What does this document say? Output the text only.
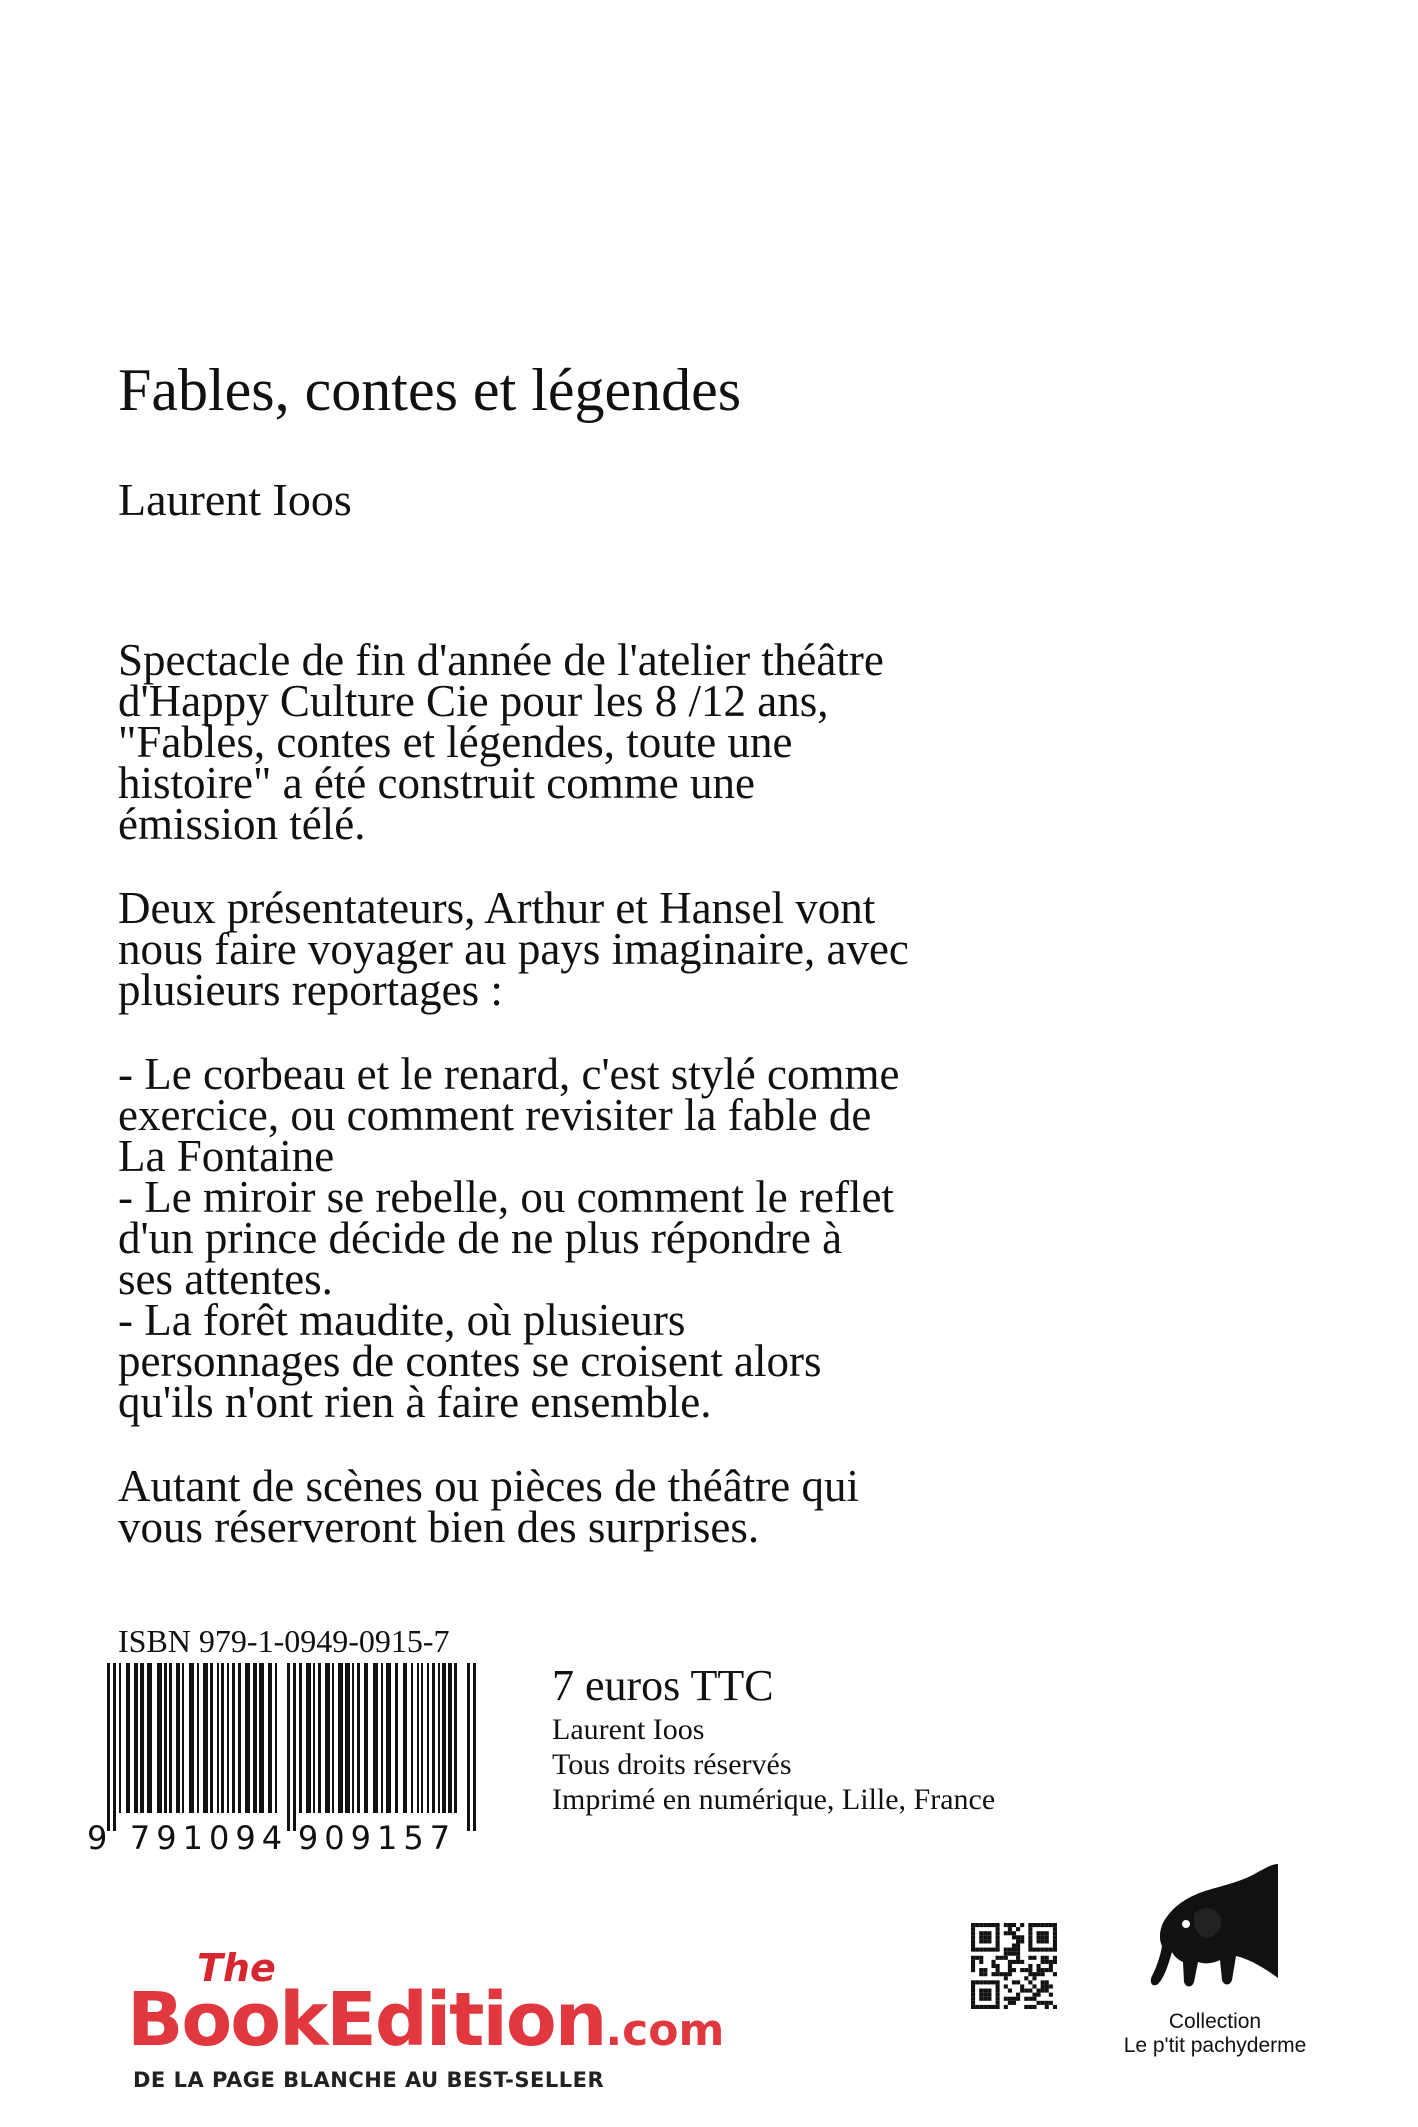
Fables, contes et légendes
Laurent Ioos

Spectacle de fin d'année de l'atelier théâtre
d'Happy Culture Cie pour les 8 /12 ans,
"Fables, contes et légendes, toute une
histoire" a été construit comme une
émission télé.

Deux présentateurs, Arthur et Hansel vont
nous faire voyager au pays imaginaire, avec
plusieurs reportages :

- Le corbeau et le renard, c'est stylé comme
exercice, ou comment revisiter la fable de
La Fontaine
- Le miroir se rebelle, ou comment le reflet
d'un prince décide de ne plus répondre à
ses attentes.
- La forêt maudite, où plusieurs
personnages de contes se croisent alors
qu'ils n'ont rien à faire ensemble.

Autant de scènes ou pièces de théâtre qui
vous réserveront bien des surprises.

ISBN 979-1-0949-0915-7
9 791094 909157
7 euros TTC
Laurent Ioos
Tous droits réservés
Imprimé en numérique, Lille, France
The
BookEdition.com
DE LA PAGE BLANCHE AU BEST-SELLER
Collection
Le p'tit pachyderme
